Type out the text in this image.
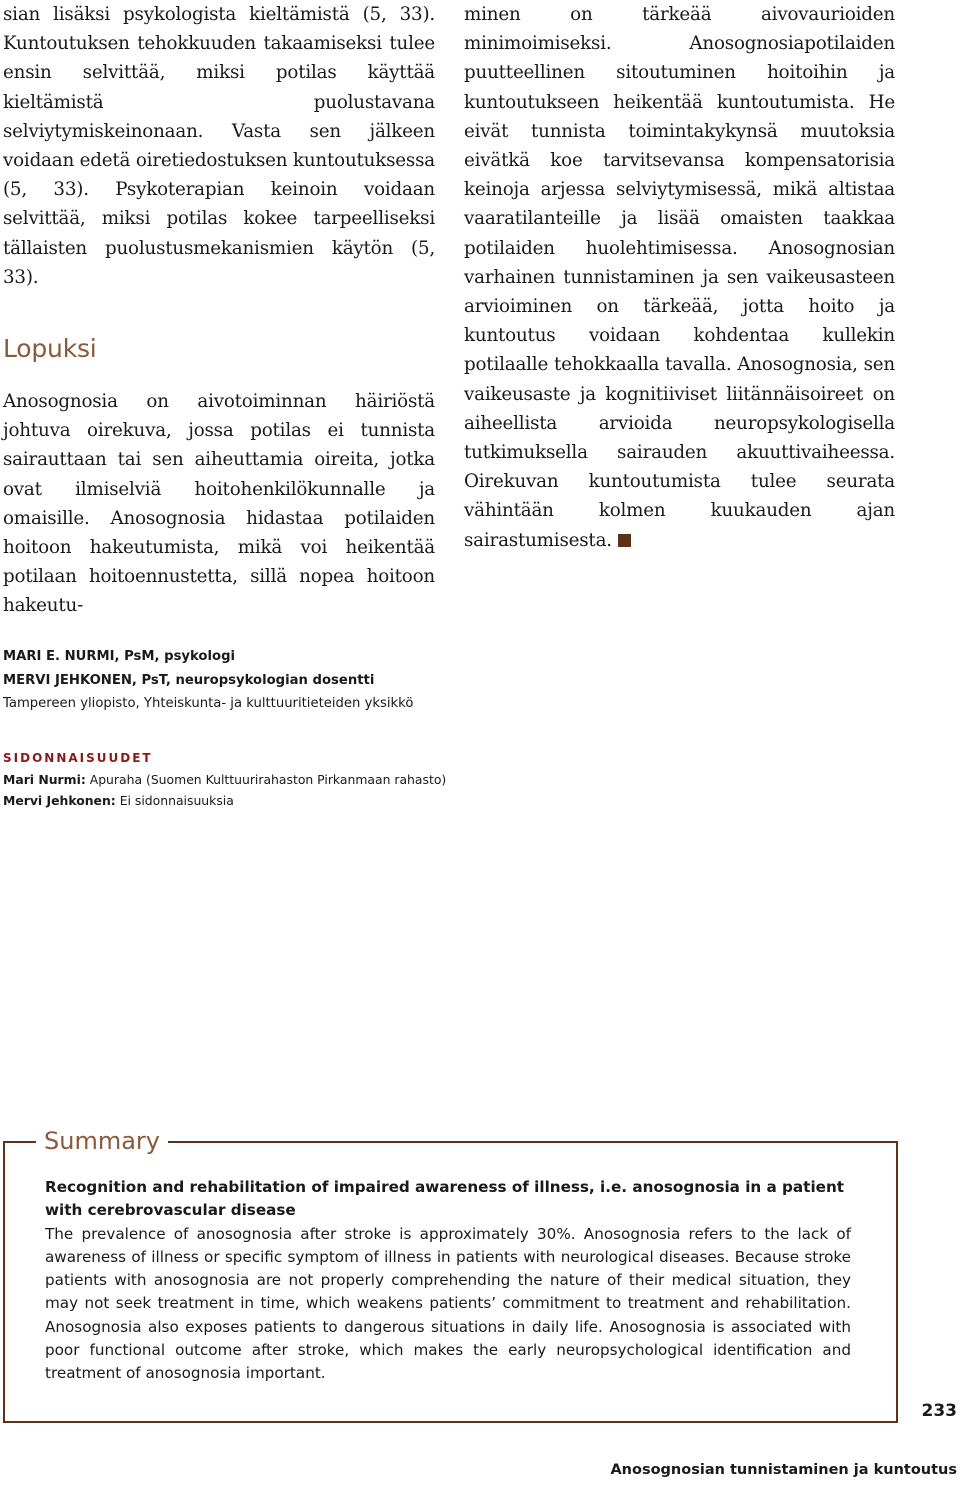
sian lisäksi psykologista kieltämistä (5, 33). Kuntoutuksen tehokkuuden takaamiseksi tulee ensin selvittää, miksi potilas käyttää kieltämistä puolustavana selviytymiskeinonaan. Vasta sen jälkeen voidaan edetä oiretiedostuksen kuntoutuksessa (5, 33). Psykoterapian keinoin voidaan selvittää, miksi potilas kokee tarpeelliseksi tällaisten puolustusmekanismien käytön (5, 33).

Lopuksi

Anosognosia on aivotoiminnan häiriöstä johtuva oirekuva, jossa potilas ei tunnista sairauttaan tai sen aiheuttamia oireita, jotka ovat ilmiselviä hoitohenkilökunnalle ja omaisille. Anosognosia hidastaa potilaiden hoitoon hakeutumista, mikä voi heikentää potilaan hoitoennustetta, sillä nopea hoitoon hakeutu-

minen on tärkeää aivovaurioiden minimoimiseksi. Anosognosiapotilaiden puutteellinen sitoutuminen hoitoihin ja kuntoutukseen heikentää kuntoutumista. He eivät tunnista toimintakykynsä muutoksia eivätkä koe tarvitsevansa kompensatorisia keinoja arjessa selviytymisessä, mikä altistaa vaaratilanteille ja lisää omaisten taakkaa potilaiden huolehtimisessa. Anosognosian varhainen tunnistaminen ja sen vaikeusasteen arvioiminen on tärkeää, jotta hoito ja kuntoutus voidaan kohdentaa kullekin potilaalle tehokkaalla tavalla. Anosognosia, sen vaikeusaste ja kognitiiviset liitännäisoireet on aiheellista arvioida neuropsykologisella tutkimuksella sairauden akuuttivaiheessa. Oirekuvan kuntoutumista tulee seurata vähintään kolmen kuukauden ajan sairastumisesta.

MARI E. NURMI, PsM, psykologi
MERVI JEHKONEN, PsT, neuropsykologian dosentti
Tampereen yliopisto, Yhteiskunta- ja kulttuuritieteiden yksikkö
SIDONNAISUUDET
Mari Nurmi: Apuraha (Suomen Kulttuurirahaston Pirkanmaan rahasto)
Mervi Jehkonen: Ei sidonnaisuuksia
Summary

Recognition and rehabilitation of impaired awareness of illness, i.e. anosognosia in a patient with cerebrovascular disease

The prevalence of anosognosia after stroke is approximately 30%. Anosognosia refers to the lack of awareness of illness or specific symptom of illness in patients with neurological diseases. Because stroke patients with anosognosia are not properly comprehending the nature of their medical situation, they may not seek treatment in time, which weakens patients’ commitment to treatment and rehabilitation. Anosognosia also exposes patients to dangerous situations in daily life. Anosognosia is associated with poor functional outcome after stroke, which makes the early neuropsychological identification and treatment of anosognosia important.

233
Anosognosian tunnistaminen ja kuntoutus
